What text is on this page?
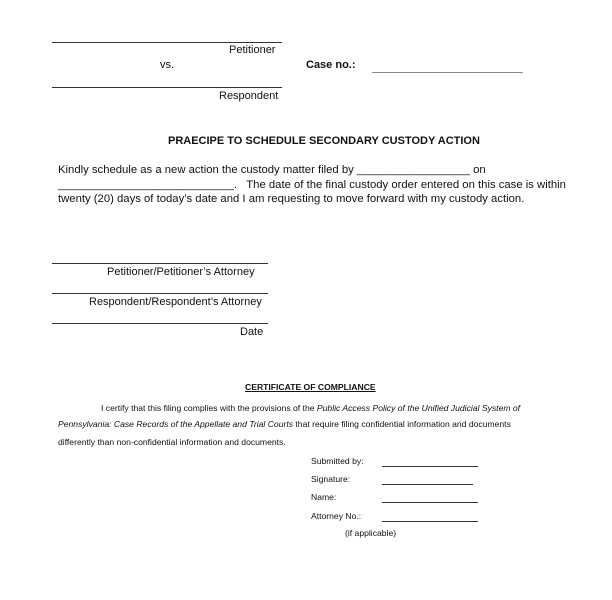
Petitioner
vs.	Case no.:
Respondent
PRAECIPE TO SCHEDULE SECONDARY CUSTODY ACTION
Kindly schedule as a new action the custody matter filed by __________________ on
____________________________. The date of the final custody order entered on this case is within
twenty (20) days of today’s date and I am requesting to move forward with my custody action.
Petitioner/Petitioner’s Attorney
Respondent/Respondent’s Attorney
Date
CERTIFICATE OF COMPLIANCE
I certify that this filing complies with the provisions of the Public Access Policy of the Unified Judicial System of
Pennsylvania: Case Records of the Appellate and Trial Courts that require filing confidential information and documents
differently than non-confidential information and documents.
Submitted by:
Signature:
Name:
Attorney No.:
(if applicable)
